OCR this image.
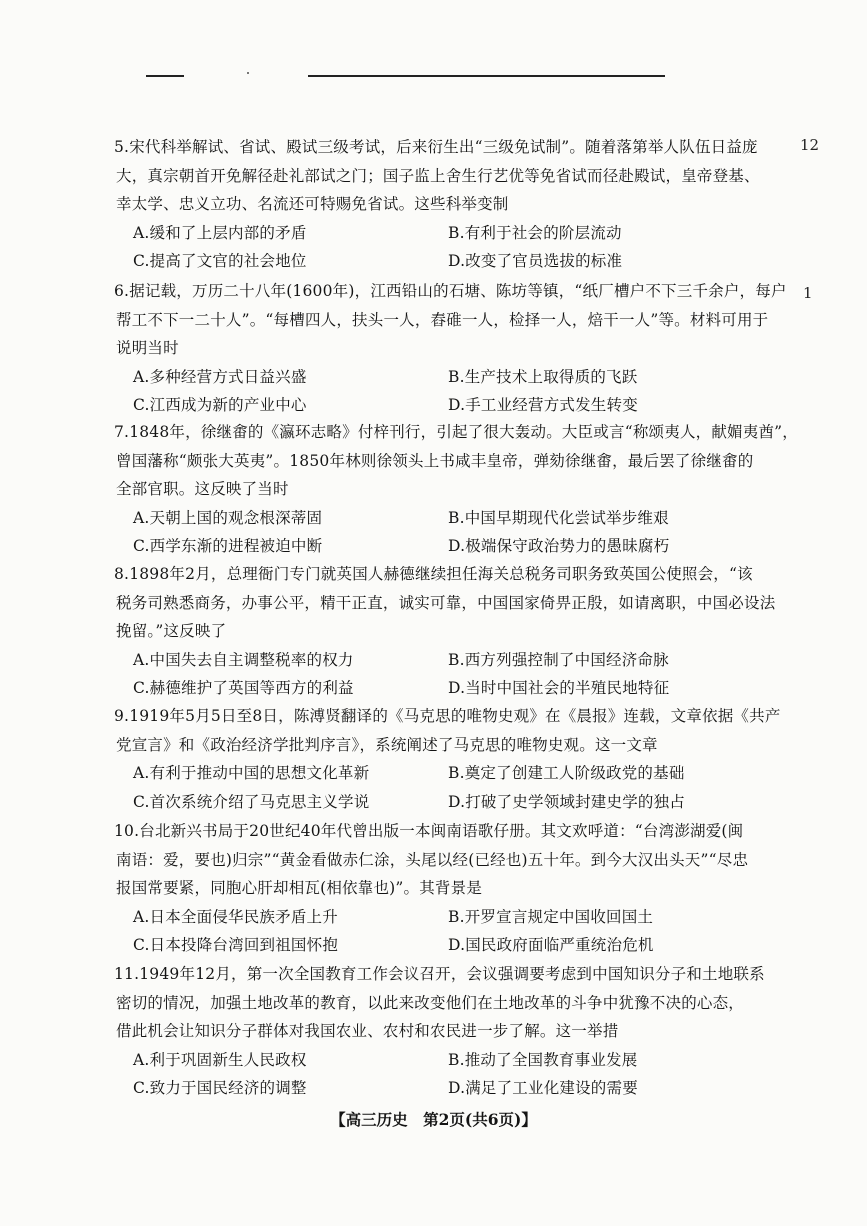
12
1
5.宋代科举解试、省试、殿试三级考试，后来衍生出“三级免试制”。随着落第举人队伍日益庞
大，真宗朝首开免解径赴礼部试之门；国子监上舍生行艺优等免省试而径赴殿试，皇帝登基、
幸太学、忠义立功、名流还可特赐免省试。这些科举变制
A.缓和了上层内部的矛盾	B.有利于社会的阶层流动
C.提高了文官的社会地位	D.改变了官员选拔的标准
6.据记载，万历二十八年(1600年)，江西铅山的石塘、陈坊等镇，“纸厂槽户不下三千余户，每户
帮工不下一二十人”。“每槽四人，扶头一人，舂碓一人，检择一人，焙干一人”等。材料可用于
说明当时
A.多种经营方式日益兴盛	B.生产技术上取得质的飞跃
C.江西成为新的产业中心	D.手工业经营方式发生转变
7.1848年，徐继畬的《瀛环志略》付梓刊行，引起了很大轰动。大臣或言“称颂夷人，献媚夷酋”，
曾国藩称“颇张大英夷”。1850年林则徐领头上书咸丰皇帝，弹劾徐继畬，最后罢了徐继畬的
全部官职。这反映了当时
A.天朝上国的观念根深蒂固	B.中国早期现代化尝试举步维艰
C.西学东渐的进程被迫中断	D.极端保守政治势力的愚昧腐朽
8.1898年2月，总理衙门专门就英国人赫德继续担任海关总税务司职务致英国公使照会，“该
税务司熟悉商务，办事公平，精干正直，诚实可靠，中国国家倚畀正殷，如请离职，中国必设法
挽留。”这反映了
A.中国失去自主调整税率的权力	B.西方列强控制了中国经济命脉
C.赫德维护了英国等西方的利益	D.当时中国社会的半殖民地特征
9.1919年5月5日至8日，陈溥贤翻译的《马克思的唯物史观》在《晨报》连载，文章依据《共产
党宣言》和《政治经济学批判序言》，系统阐述了马克思的唯物史观。这一文章
A.有利于推动中国的思想文化革新	B.奠定了创建工人阶级政党的基础
C.首次系统介绍了马克思主义学说	D.打破了史学领域封建史学的独占
10.台北新兴书局于20世纪40年代曾出版一本闽南语歌仔册。其文欢呼道：“台湾澎湖爱(闽
南语：爱，要也)归宗”“黄金看做赤仁涂，头尾以经(已经也)五十年。到今大汉出头天”“尽忠
报国常要紧，同胞心肝却相瓦(相依靠也)”。其背景是
A.日本全面侵华民族矛盾上升	B.开罗宣言规定中国收回国土
C.日本投降台湾回到祖国怀抱	D.国民政府面临严重统治危机
11.1949年12月，第一次全国教育工作会议召开，会议强调要考虑到中国知识分子和土地联系
密切的情况，加强土地改革的教育，以此来改变他们在土地改革的斗争中犹豫不决的心态，
借此机会让知识分子群体对我国农业、农村和农民进一步了解。这一举措
A.利于巩固新生人民政权	B.推动了全国教育事业发展
C.致力于国民经济的调整	D.满足了工业化建设的需要
【高三历史　第2页(共6页)】
